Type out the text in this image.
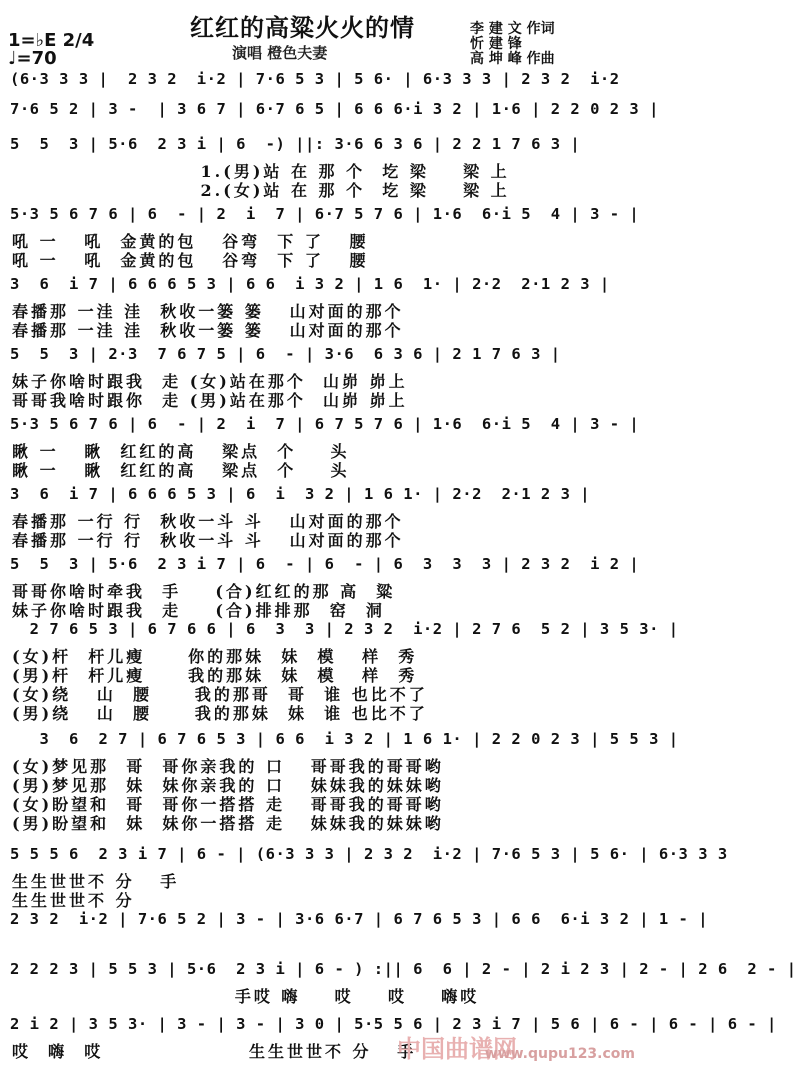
红红的高粱火火的情
演唱 橙色夫妻
1=♭E 2/4
♩=70
李 建 文 作词
忻 建 锋
高 坤 峰 作曲
(6·3 3 3 |  2 3 2  i·2 | 7·6 5 3 | 5 6· | 6·3 3 3 | 2 3 2  i·2
7·6 5 2 | 3 -  | 3 6 7 | 6·7 6 5 | 6 6 6·i 3 2 | 1·6 | 2 2 0 2 3 |
5  5  3 | 5·6  2 3 i | 6  -) ||: 3·6 6 3 6 | 2 2 1 7 6 3 |
1.(男)站 在 那 个  圪 梁    梁 上
2.(女)站 在 那 个  圪 梁    梁 上
5·3 5 6 7 6 | 6  - | 2  i  7 | 6·7 5 7 6 | 1·6  6·i 5  4 | 3 - |
吼 一   吼  金黄的包   谷弯  下 了   腰
吼 一   吼  金黄的包   谷弯  下 了   腰
3  6  i 7 | 6 6 6 5 3 | 6 6  i 3 2 | 1 6  1· | 2·2  2·1 2 3 |
春播那 一洼 洼  秋收一篓 篓   山对面的那个
春播那 一洼 洼  秋收一篓 篓   山对面的那个
5  5  3 | 2·3  7 6 7 5 | 6  - | 3·6  6 3 6 | 2 1 7 6 3 |
妹子你啥时跟我  走 (女)站在那个  山峁 峁上
哥哥我啥时跟你  走 (男)站在那个  山峁 峁上
5·3 5 6 7 6 | 6  - | 2  i  7 | 6 7 5 7 6 | 1·6  6·i 5  4 | 3 - |
瞅 一   瞅  红红的高   梁点  个    头
瞅 一   瞅  红红的高   梁点  个    头
3  6  i 7 | 6 6 6 5 3 | 6  i  3 2 | 1 6 1· | 2·2  2·1 2 3 |
春播那 一行 行  秋收一斗 斗   山对面的那个
春播那 一行 行  秋收一斗 斗   山对面的那个
5  5  3 | 5·6  2 3 i 7 | 6  - | 6  - | 6  3  3  3 | 2 3 2  i 2 |
哥哥你啥时牵我  手    (合)红红的那 高  粱
妹子你啥时跟我  走    (合)排排那  窑  洞
2 7 6 5 3 | 6 7 6 6 | 6  3  3 | 2 3 2  i·2 | 2 7 6  5 2 | 3 5 3· |
(女)杆  杆儿瘦     你的那妹  妹  模   样  秀
(男)杆  杆儿瘦     我的那妹  妹  模   样  秀
(女)绕   山  腰     我的那哥  哥  谁 也比不了
(男)绕   山  腰     我的那妹  妹  谁 也比不了
3  6  2 7 | 6 7 6 5 3 | 6 6  i 3 2 | 1 6 1· | 2 2 0 2 3 | 5 5 3 |
(女)梦见那  哥  哥你亲我的 口   哥哥我的哥哥哟
(男)梦见那  妹  妹你亲我的 口   妹妹我的妹妹哟
(女)盼望和  哥  哥你一搭搭 走   哥哥我的哥哥哟
(男)盼望和  妹  妹你一搭搭 走   妹妹我的妹妹哟
5 5 5 6  2 3 i 7 | 6 - | (6·3 3 3 | 2 3 2  i·2 | 7·6 5 3 | 5 6· | 6·3 3 3
生生世世不 分   手
生生世世不 分
2 3 2  i·2 | 7·6 5 2 | 3 - | 3·6 6·7 | 6 7 6 5 3 | 6 6  6·i 3 2 | 1 - |
2 2 2 3 | 5 5 3 | 5·6  2 3 i | 6 - ) :|| 6  6 | 2 - | 2 i 2 3 | 2 - | 2 6  2 - |
手哎 嗨    哎    哎    嗨哎
2 i 2 | 3 5 3· | 3 - | 3 - | 3 0 | 5·5 5 6 | 2 3 i 7 | 5 6 | 6 - | 6 - | 6 - |
哎  嗨  哎                 生生世世不 分   手
中国曲谱网
www.qupu123.com
